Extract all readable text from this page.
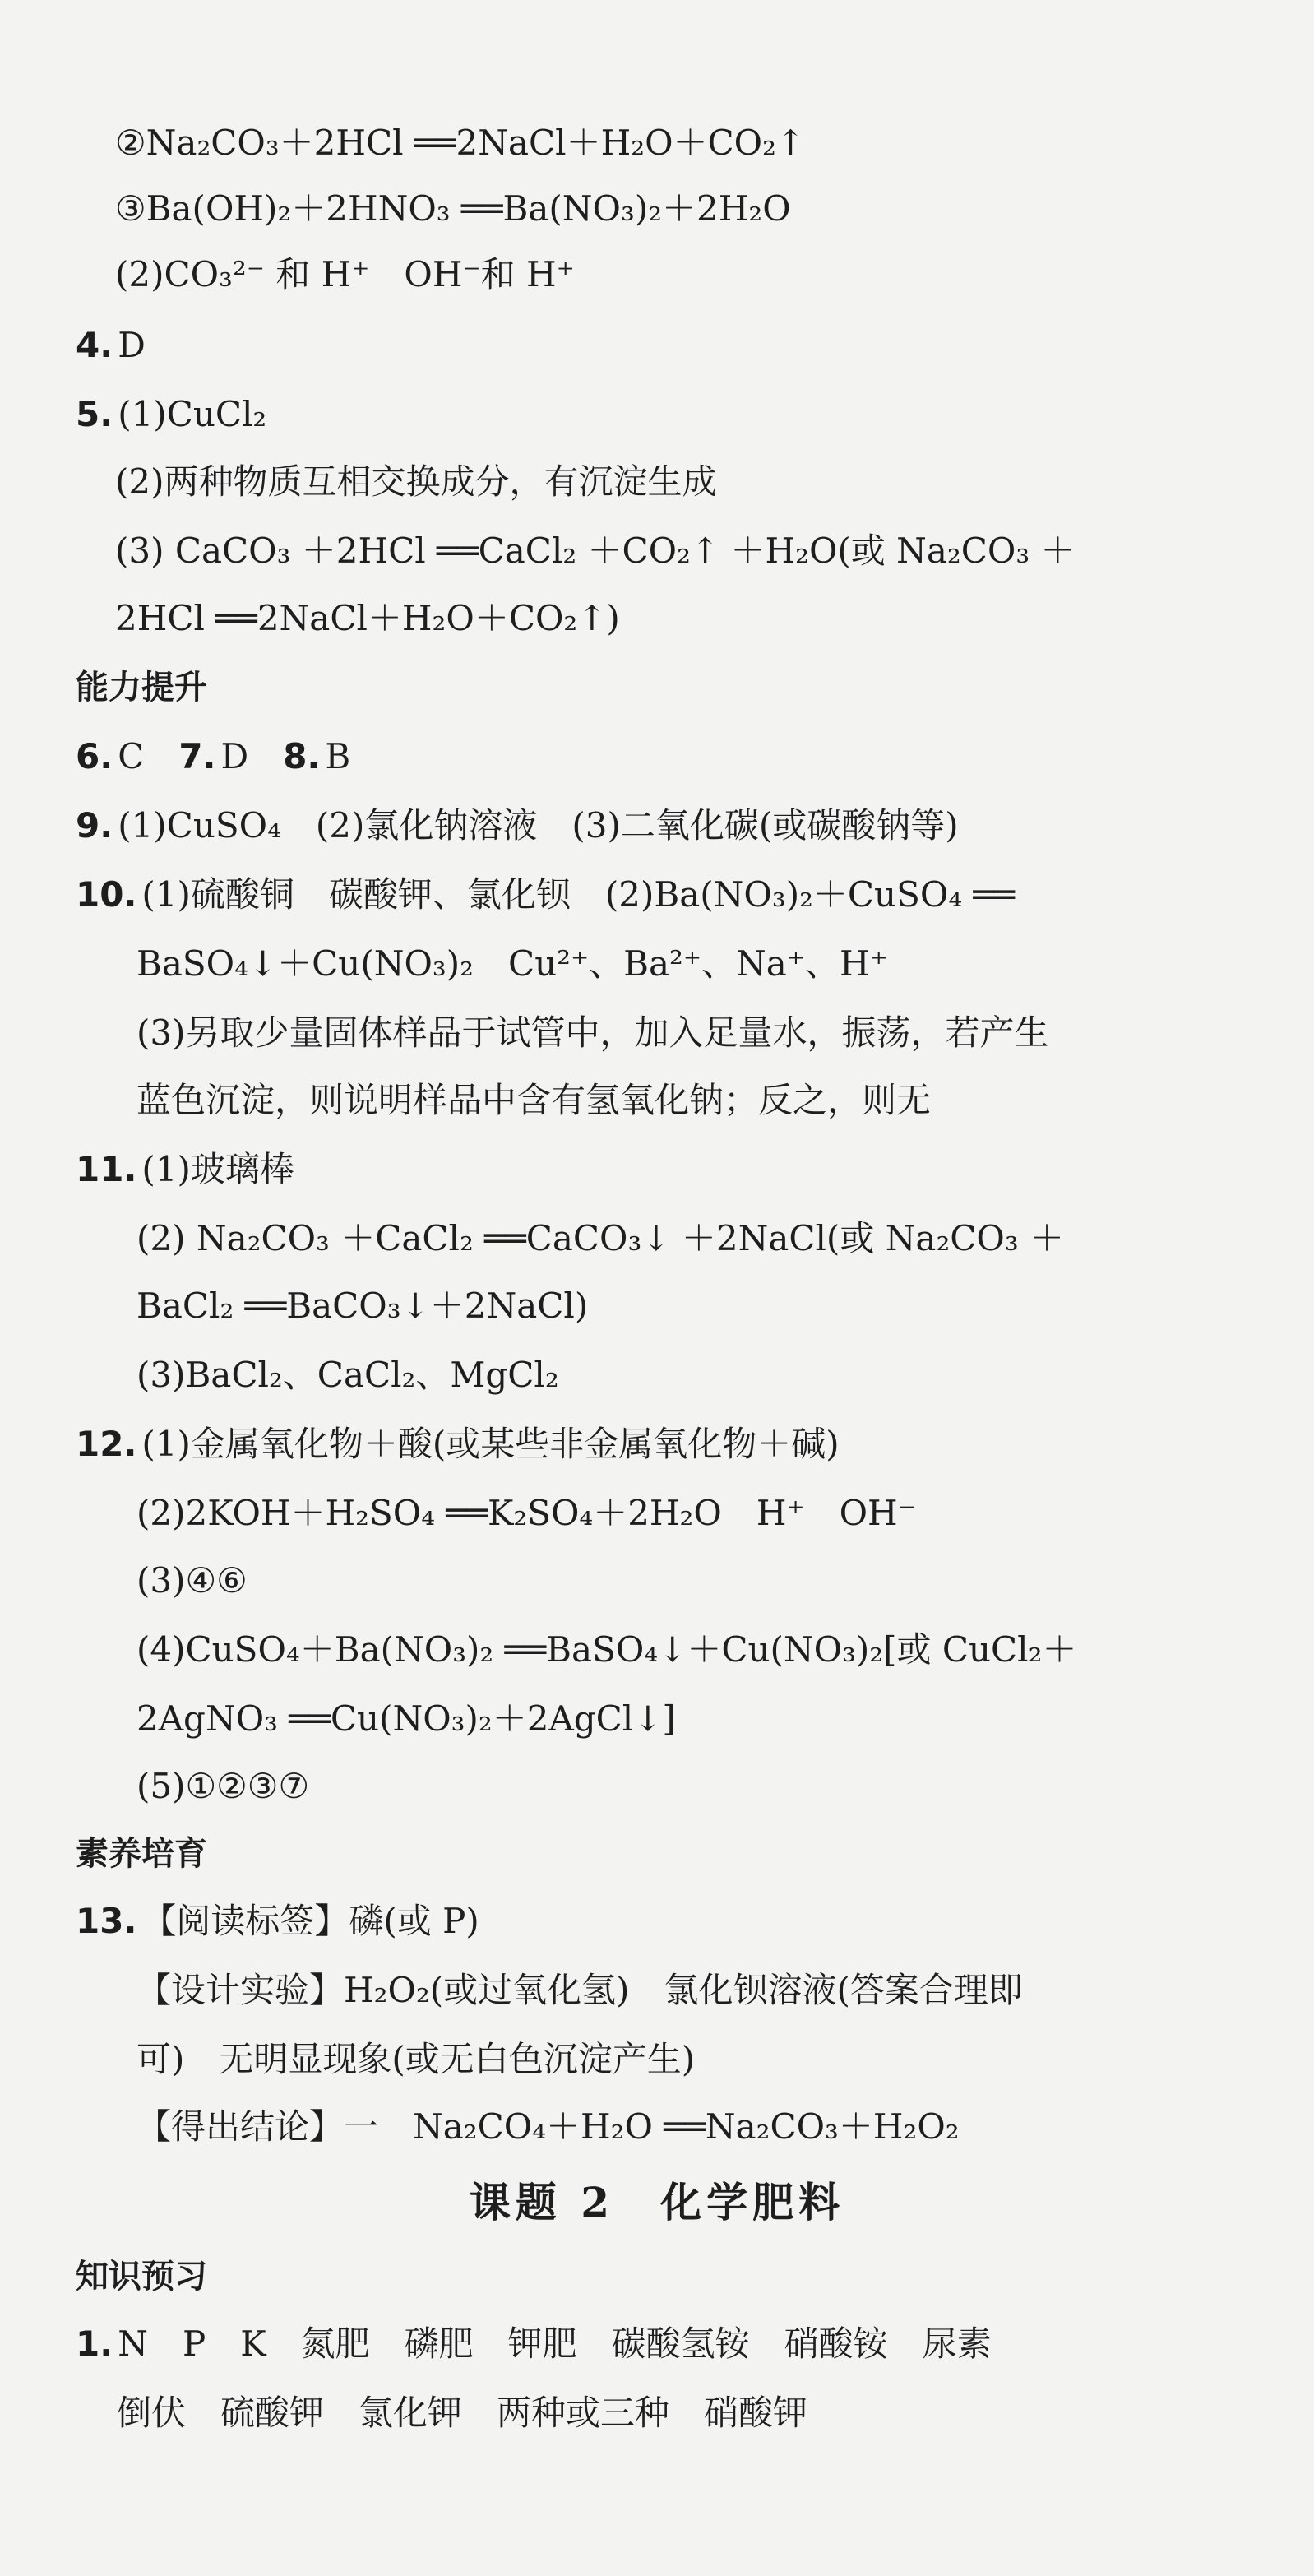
②Na₂CO₃＋2HCl ══2NaCl＋H₂O＋CO₂↑
③Ba(OH)₂＋2HNO₃ ══Ba(NO₃)₂＋2H₂O
(2)CO₃²⁻ 和 H⁺　OH⁻和 H⁺
4. D
5. (1)CuCl₂
(2)两种物质互相交换成分，有沉淀生成
(3) CaCO₃ ＋2HCl ══CaCl₂ ＋CO₂↑ ＋H₂O(或 Na₂CO₃ ＋
2HCl ══2NaCl＋H₂O＋CO₂↑)
能力提升
6. C　7. D　8. B
9. (1)CuSO₄　(2)氯化钠溶液　(3)二氧化碳(或碳酸钠等)
10. (1)硫酸铜　碳酸钾、氯化钡　(2)Ba(NO₃)₂＋CuSO₄ ══
BaSO₄↓＋Cu(NO₃)₂　Cu²⁺、Ba²⁺、Na⁺、H⁺
(3)另取少量固体样品于试管中，加入足量水，振荡，若产生
蓝色沉淀，则说明样品中含有氢氧化钠；反之，则无
11. (1)玻璃棒
(2) Na₂CO₃ ＋CaCl₂ ══CaCO₃↓ ＋2NaCl(或 Na₂CO₃ ＋
BaCl₂ ══BaCO₃↓＋2NaCl)
(3)BaCl₂、CaCl₂、MgCl₂
12. (1)金属氧化物＋酸(或某些非金属氧化物＋碱)
(2)2KOH＋H₂SO₄ ══K₂SO₄＋2H₂O　H⁺　OH⁻
(3)④⑥
(4)CuSO₄＋Ba(NO₃)₂ ══BaSO₄↓＋Cu(NO₃)₂[或 CuCl₂＋
2AgNO₃ ══Cu(NO₃)₂＋2AgCl↓]
(5)①②③⑦
素养培育
13. 【阅读标签】磷(或 P)
【设计实验】H₂O₂(或过氧化氢)　氯化钡溶液(答案合理即
可)　无明显现象(或无白色沉淀产生)
【得出结论】一　Na₂CO₄＋H₂O ══Na₂CO₃＋H₂O₂
课题 2　化学肥料
知识预习
1. N　P　K　氮肥　磷肥　钾肥　碳酸氢铵　硝酸铵　尿素
倒伏　硫酸钾　氯化钾　两种或三种　硝酸钾
